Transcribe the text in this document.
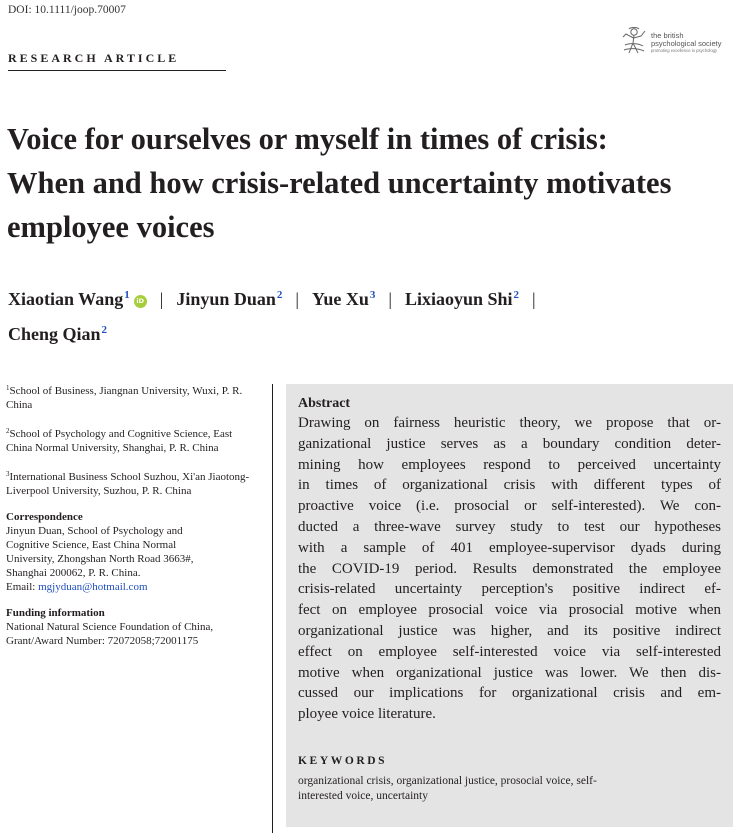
DOI: 10.1111/joop.70007
RESEARCH ARTICLE
the british
psychological society
promoting excellence in psychology
Voice for ourselves or myself in times of crisis:
When and how crisis-related uncertainty motivates
employee voices
Xiaotian Wang$^1$ iD | Jinyun Duan$^2$ | Yue Xu$^3$ | Lixiaoyun Shi$^2$ |
Cheng Qian$^2$
$^1$School of Business, Jiangnan University, Wuxi, P. R. China
$^2$School of Psychology and Cognitive Science, East China Normal University, Shanghai, P. R. China
$^3$International Business School Suzhou, Xi'an Jiaotong-Liverpool University, Suzhou, P. R. China
Correspondence
Jinyun Duan, School of Psychology and
Cognitive Science, East China Normal
University, Zhongshan North Road 3663#,
Shanghai 200062, P. R. China.
Email: mgjyduan@hotmail.com
Funding information
National Natural Science Foundation of China,
Grant/Award Number: 72072058;72001175
Abstract
Drawing on fairness heuristic theory, we propose that or-
ganizational justice serves as a boundary condition deter-
mining how employees respond to perceived uncertainty
in times of organizational crisis with different types of
proactive voice (i.e. prosocial or self-interested). We con-
ducted a three-wave survey study to test our hypotheses
with a sample of 401 employee-supervisor dyads during
the COVID-19 period. Results demonstrated the employee
crisis-related uncertainty perception's positive indirect ef-
fect on employee prosocial voice via prosocial motive when
organizational justice was higher, and its positive indirect
effect on employee self-interested voice via self-interested
motive when organizational justice was lower. We then dis-
cussed our implications for organizational crisis and em-
ployee voice literature.
KEYWORDS
organizational crisis, organizational justice, prosocial voice, self-
interested voice, uncertainty
